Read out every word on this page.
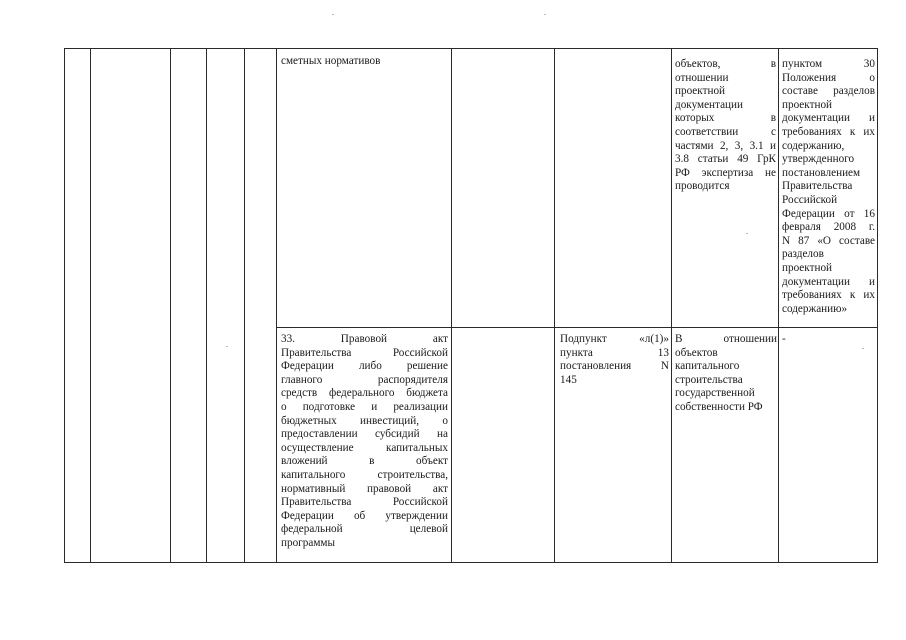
сметных нормативов	объектов, в
отношении
проектной
документации
которых в
соответствии с
частями 2, 3, 3.1 и
3.8 статьи 49 ГрК
РФ экспертиза не
проводится
пунктом 30
Положения о
составе разделов
проектной
документации и
требованиях к их
содержанию,
утвержденного
постановлением
Правительства
Российской
Федерации от 16
февраля 2008 г.
N 87 «О составе
разделов
проектной
документации и
требованиях к их
содержанию»
33. Правовой акт
Правительства Российской
Федерации либо решение
главного распорядителя
средств федерального бюджета
о подготовке и реализации
бюджетных инвестиций, о
предоставлении субсидий на
осуществление капитальных
вложений в объект
капитального строительства,
нормативный правовой акт
Правительства Российской
Федерации об утверждении
федеральной целевой
программы
Подпункт «л(1)»
пункта 13
постановления N
145
В отношении
объектов
капитального
строительства
государственной
собственности РФ
-
